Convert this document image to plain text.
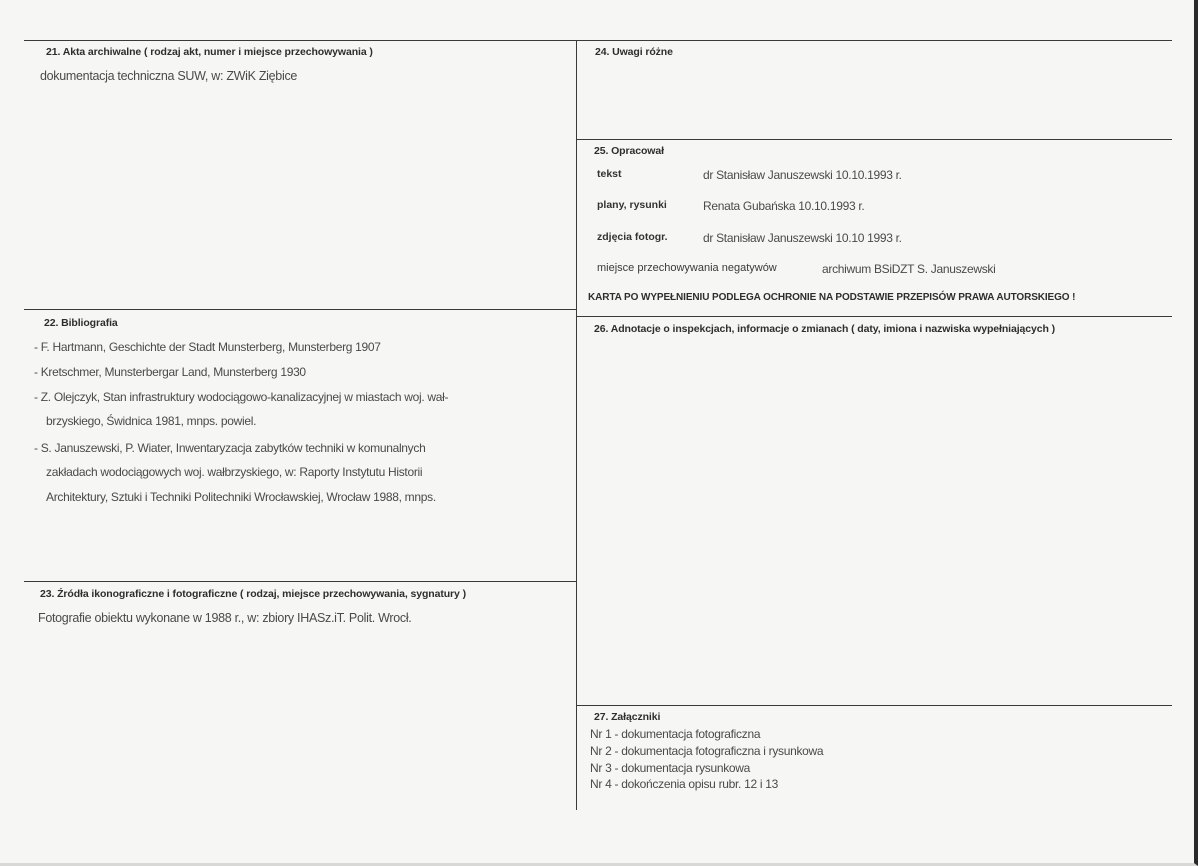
21. Akta archiwalne ( rodzaj akt, numer i miejsce przechowywania )
dokumentacja techniczna SUW, w: ZWiK Ziębice
22. Bibliografia
- F. Hartmann, Geschichte der Stadt Munsterberg, Munsterberg 1907
- Kretschmer, Munsterbergar Land, Munsterberg 1930
- Z. Olejczyk, Stan infrastruktury wodociągowo-kanalizacyjnej w miastach woj. wał-
brzyskiego, Świdnica 1981, mnps. powiel.
- S. Januszewski, P. Wiater, Inwentaryzacja zabytków techniki w komunalnych
zakładach wodociągowych woj. wałbrzyskiego, w: Raporty Instytutu Historii
Architektury, Sztuki i Techniki Politechniki Wrocławskiej, Wrocław 1988, mnps.
23. Źródła ikonograficzne i fotograficzne ( rodzaj, miejsce przechowywania, sygnatury )
Fotografie obiektu wykonane w 1988 r., w: zbiory IHASz.iT. Polit. Wrocł.
24. Uwagi różne
25. Opracował
tekst	dr Stanisław Januszewski 10.10.1993 r.
plany, rysunki	Renata Gubańska 10.10.1993 r.
zdjęcia fotogr.	dr Stanisław Januszewski 10.10 1993 r.
miejsce przechowywania negatywów	archiwum BSiDZT S. Januszewski
KARTA PO WYPEŁNIENIU PODLEGA OCHRONIE NA PODSTAWIE PRZEPISÓW PRAWA AUTORSKIEGO !
26. Adnotacje o inspekcjach, informacje o zmianach ( daty, imiona i nazwiska wypełniających )
27. Załączniki
Nr 1 - dokumentacja fotograficzna
Nr 2 - dokumentacja fotograficzna i rysunkowa
Nr 3 - dokumentacja rysunkowa
Nr 4 - dokończenia opisu rubr. 12 i 13
